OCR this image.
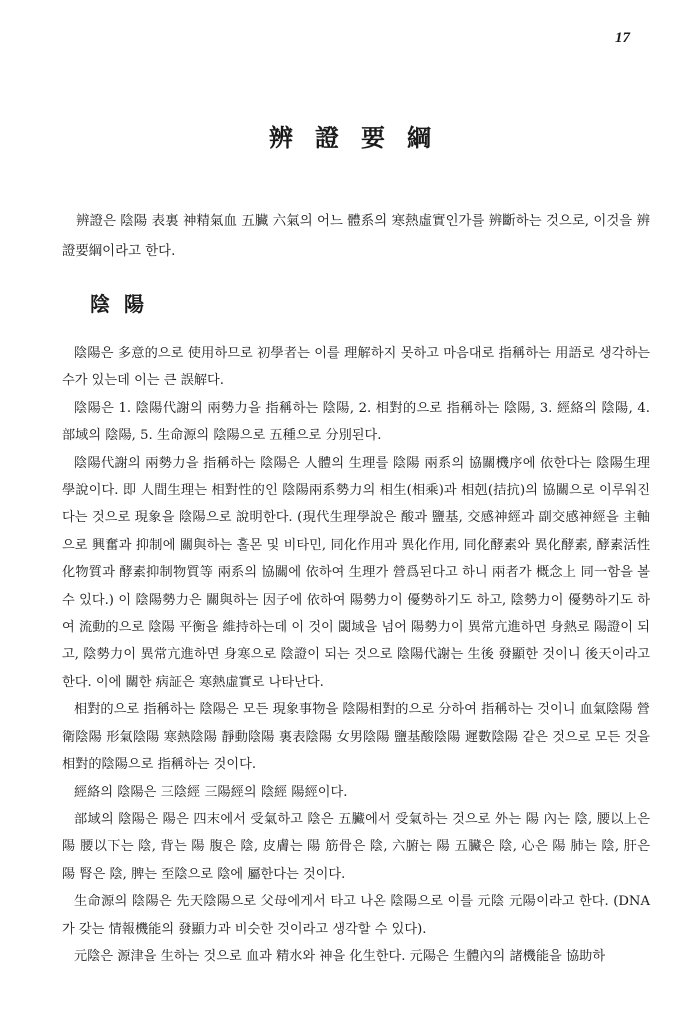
17
辨證要綱
辨證은 陰陽 表裏 神精氣血 五臟 六氣의 어느 體系의 寒熱虛實인가를 辨斷하는 것으로, 이것을 辨證要綱이라고 한다.
陰陽

陰陽은 多意的으로 使用하므로 初學者는 이를 理解하지 못하고 마음대로 指稱하는 用語로 생각하는 수가 있는데 이는 큰 誤解다.

陰陽은 1. 陰陽代謝의 兩勢力을 指稱하는 陰陽, 2. 相對的으로 指稱하는 陰陽, 3. 經絡의 陰陽, 4. 部域의 陰陽, 5. 生命源의 陰陽으로 五種으로 分別된다.

陰陽代謝의 兩勢力을 指稱하는 陰陽은 人體의 生理를 陰陽 兩系의 協關機序에 依한다는 陰陽生理學說이다. 即 人間生理는 相對性的인 陰陽兩系勢力의 相生(相乘)과 相剋(拮抗)의 協關으로 이루워진다는 것으로 現象을 陰陽으로 說明한다. (現代生理學說은 酸과 鹽基, 交感神經과 副交感神經을 主軸으로 興奮과 抑制에 關與하는 홀몬 및 비타민, 同化作用과 異化作用, 同化酵素와 異化酵素, 酵素活性化物質과 酵素抑制物質等 兩系의 協關에 依하여 生理가 營爲된다고 하니 兩者가 概念上 同一함을 볼 수 있다.) 이 陰陽勢力은 關與하는 因子에 依하여 陽勢力이 優勢하기도 하고, 陰勢力이 優勢하기도 하여 流動的으로 陰陽 平衡을 維持하는데 이 것이 閾域을 넘어 陽勢力이 異常亢進하면 身熱로 陽證이 되고, 陰勢力이 異常亢進하면 身寒으로 陰證이 되는 것으로 陰陽代謝는 生後 發顯한 것이니 後天이라고 한다. 이에 關한 病証은 寒熱虛實로 나타난다.

相對的으로 指稱하는 陰陽은 모든 現象事物을 陰陽相對的으로 分하여 指稱하는 것이니 血氣陰陽 營衛陰陽 形氣陰陽 寒熱陰陽 靜動陰陽 裏表陰陽 女男陰陽 鹽基酸陰陽 遲數陰陽 같은 것으로 모든 것을 相對的陰陽으로 指稱하는 것이다.

經絡의 陰陽은 三陰經 三陽經의 陰經 陽經이다.

部域의 陰陽은 陽은 四末에서 受氣하고 陰은 五臟에서 受氣하는 것으로 外는 陽 內는 陰, 腰以上은 陽 腰以下는 陰, 背는 陽 腹은 陰, 皮膚는 陽 筋骨은 陰, 六腑는 陽 五臟은 陰, 心은 陽 肺는 陰, 肝은 陽 腎은 陰, 脾는 至陰으로 陰에 屬한다는 것이다.

生命源의 陰陽은 先天陰陽으로 父母에게서 타고 나온 陰陽으로 이를 元陰 元陽이라고 한다. (DNA가 갖는 情報機能의 發顯力과 비슷한 것이라고 생각할 수 있다).

元陰은 源津을 生하는 것으로 血과 精水와 神을 化生한다. 元陽은 生體內의 諸機能을 協助하
